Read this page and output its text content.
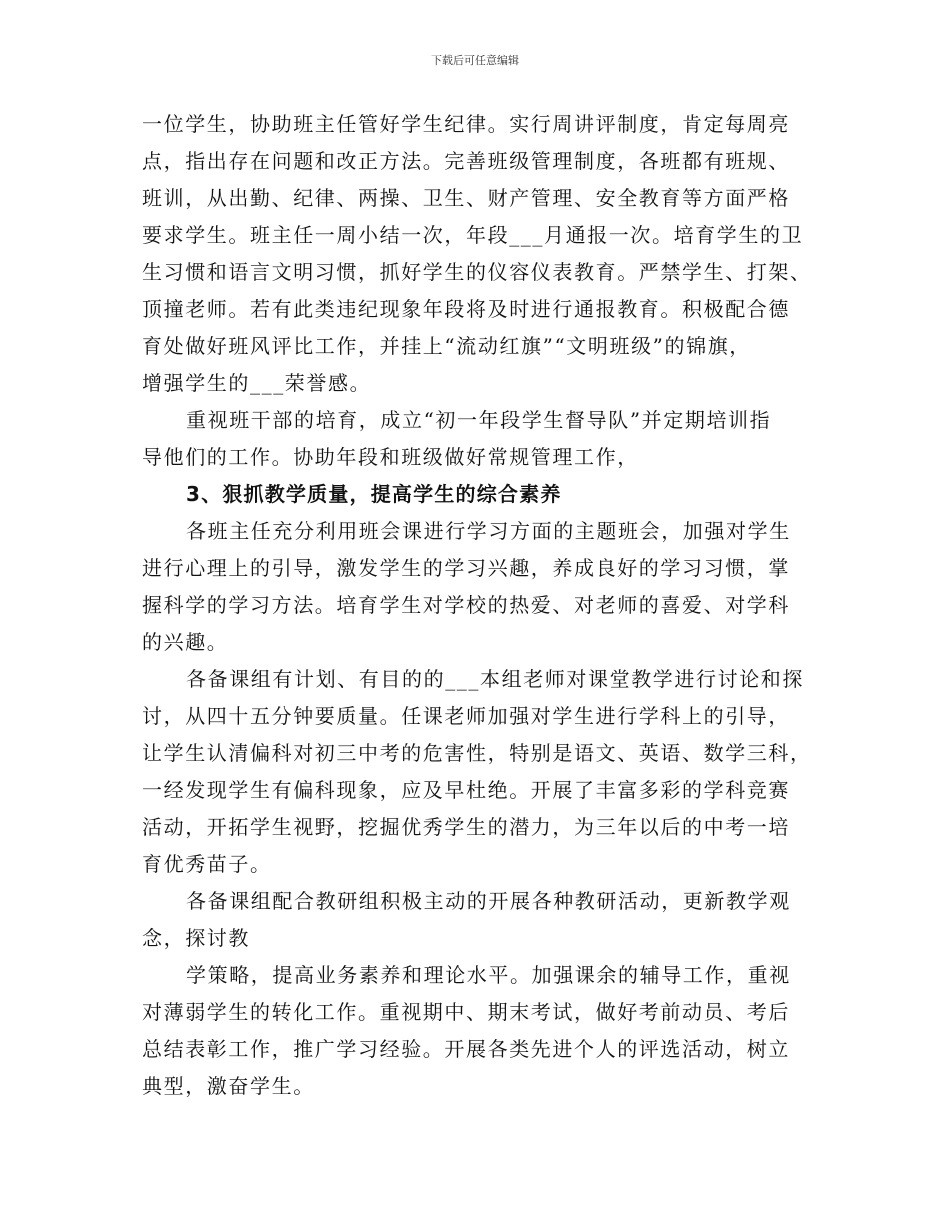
下载后可任意编辑
一位学生，协助班主任管好学生纪律。实行周讲评制度，肯定每周亮
点，指出存在问题和改正方法。完善班级管理制度，各班都有班规、
班训，从出勤、纪律、两操、卫生、财产管理、安全教育等方面严格
要求学生。班主任一周小结一次，年段___月通报一次。培育学生的卫
生习惯和语言文明习惯，抓好学生的仪容仪表教育。严禁学生、打架、
顶撞老师。若有此类违纪现象年段将及时进行通报教育。积极配合德
育处做好班风评比工作，并挂上“流动红旗”“文明班级”的锦旗，
增强学生的___荣誉感。
重视班干部的培育，成立“初一年段学生督导队”并定期培训指
导他们的工作。协助年段和班级做好常规管理工作，
3、狠抓教学质量，提高学生的综合素养
各班主任充分利用班会课进行学习方面的主题班会，加强对学生
进行心理上的引导，激发学生的学习兴趣，养成良好的学习习惯，掌
握科学的学习方法。培育学生对学校的热爱、对老师的喜爱、对学科
的兴趣。
各备课组有计划、有目的的___本组老师对课堂教学进行讨论和探
讨，从四十五分钟要质量。任课老师加强对学生进行学科上的引导，
让学生认清偏科对初三中考的危害性，特别是语文、英语、数学三科，
一经发现学生有偏科现象，应及早杜绝。开展了丰富多彩的学科竞赛
活动，开拓学生视野，挖掘优秀学生的潜力，为三年以后的中考一培
育优秀苗子。
各备课组配合教研组积极主动的开展各种教研活动，更新教学观
念，探讨教
学策略，提高业务素养和理论水平。加强课余的辅导工作，重视
对薄弱学生的转化工作。重视期中、期末考试，做好考前动员、考后
总结表彰工作，推广学习经验。开展各类先进个人的评选活动，树立
典型，激奋学生。
